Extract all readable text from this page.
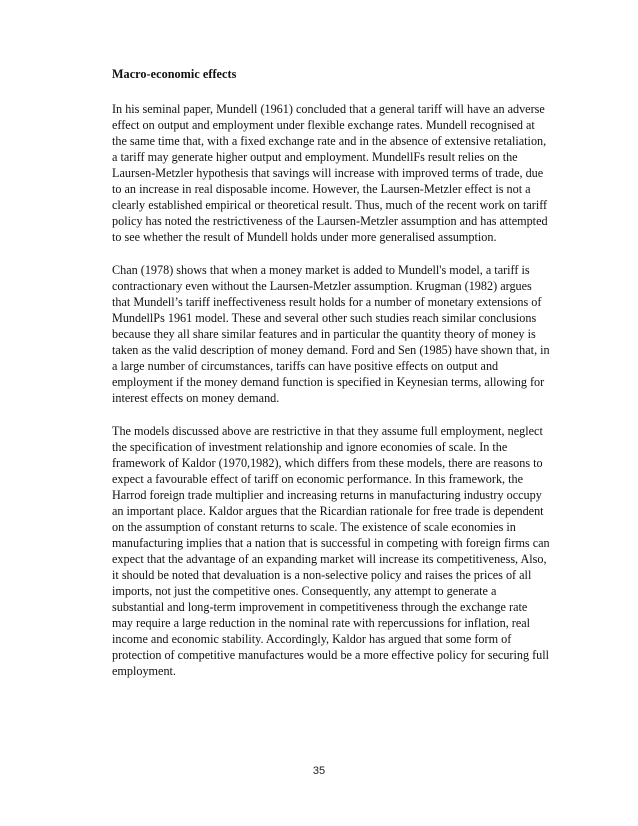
Macro-economic effects
In his seminal paper, Mundell (1961) concluded that a general tariff will have an adverse
effect on output and employment under flexible exchange rates. Mundell recognised at
the same time that, with a fixed exchange rate and in the absence of extensive retaliation,
a tariff may generate higher output and employment. MundellFs result relies on the
Laursen-Metzler hypothesis that savings will increase with improved terms of trade, due
to an increase in real disposable income. However, the Laursen-Metzler effect is not a
clearly established empirical or theoretical result. Thus, much of the recent work on tariff
policy has noted the restrictiveness of the Laursen-Metzler assumption and has attempted
to see whether the result of Mundell holds under more generalised assumption.
Chan (1978) shows that when a money market is added to Mundell's model, a tariff is
contractionary even without the Laursen-Metzler assumption. Krugman (1982) argues
that Mundell’s tariff ineffectiveness result holds for a number of monetary extensions of
MundellPs 1961 model. These and several other such studies reach similar conclusions
because they all share similar features and in particular the quantity theory of money is
taken as the valid description of money demand. Ford and Sen (1985) have shown that, in
a large number of circumstances, tariffs can have positive effects on output and
employment if the money demand function is specified in Keynesian terms, allowing for
interest effects on money demand.
The models discussed above are restrictive in that they assume full employment, neglect
the specification of investment relationship and ignore economies of scale. In the
framework of Kaldor (1970,1982), which differs from these models, there are reasons to
expect a favourable effect of tariff on economic performance. In this framework, the
Harrod foreign trade multiplier and increasing returns in manufacturing industry occupy
an important place. Kaldor argues that the Ricardian rationale for free trade is dependent
on the assumption of constant returns to scale. The existence of scale economies in
manufacturing implies that a nation that is successful in competing with foreign firms can
expect that the advantage of an expanding market will increase its competitiveness, Also,
it should be noted that devaluation is a non-selective policy and raises the prices of all
imports, not just the competitive ones. Consequently, any attempt to generate a
substantial and long-term improvement in competitiveness through the exchange rate
may require a large reduction in the nominal rate with repercussions for inflation, real
income and economic stability. Accordingly, Kaldor has argued that some form of
protection of competitive manufactures would be a more effective policy for securing full
employment.
35
